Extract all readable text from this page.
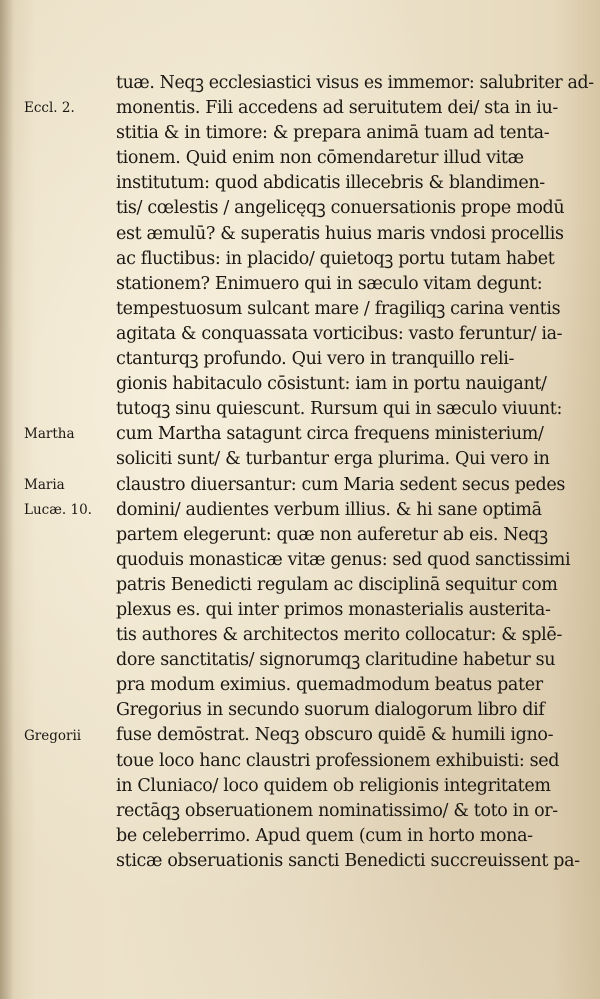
Eccl. 2.
Martha
Maria
Lucæ. 10.
Gregorii
tuæ. Neqꝫ ecclesiastici visus es immemor: salubriter ad-
monentis. Fili accedens ad seruitutem dei/ sta in iu-
stitia & in timore: & prepara animā tuam ad tenta-
tionem. Quid enim non cōmendaretur illud vitæ
institutum: quod abdicatis illecebris & blandimen-
tis/ cœlestis / angelicęqꝫ conuersationis prope modū
est æmulū? & superatis huius maris vndosi procellis
ac fluctibus: in placido/ quietoqꝫ portu tutam habet
stationem? Enimuero qui in sæculo vitam degunt:
tempestuosum sulcant mare / fragiliqꝫ carina ventis
agitata & conquassata vorticibus: vasto feruntur/ ia-
ctanturqꝫ profundo. Qui vero in tranquillo reli-
gionis habitaculo cōsistunt: iam in portu nauigant/
tutoqꝫ sinu quiescunt. Rursum qui in sæculo viuunt:
cum Martha satagunt circa frequens ministerium/
soliciti sunt/ & turbantur erga plurima. Qui vero in
claustro diuersantur: cum Maria sedent secus pedes
domini/ audientes verbum illius. & hi sane optimā
partem elegerunt: quæ non auferetur ab eis. Neqꝫ
quoduis monasticæ vitæ genus: sed quod sanctissimi
patris Benedicti regulam ac disciplinā sequitur com
plexus es. qui inter primos monasterialis austerita-
tis authores & architectos merito collocatur: & splē-
dore sanctitatis/ signorumqꝫ claritudine habetur su
pra modum eximius. quemadmodum beatus pater
Gregorius in secundo suorum dialogorum libro dif
fuse demōstrat. Neqꝫ obscuro quidē & humili igno-
toue loco hanc claustri professionem exhibuisti: sed
in Cluniaco/ loco quidem ob religionis integritatem
rectāqꝫ obseruationem nominatissimo/ & toto in or-
be celeberrimo. Apud quem (cum in horto mona-
sticæ obseruationis sancti Benedicti succreuissent pa-
